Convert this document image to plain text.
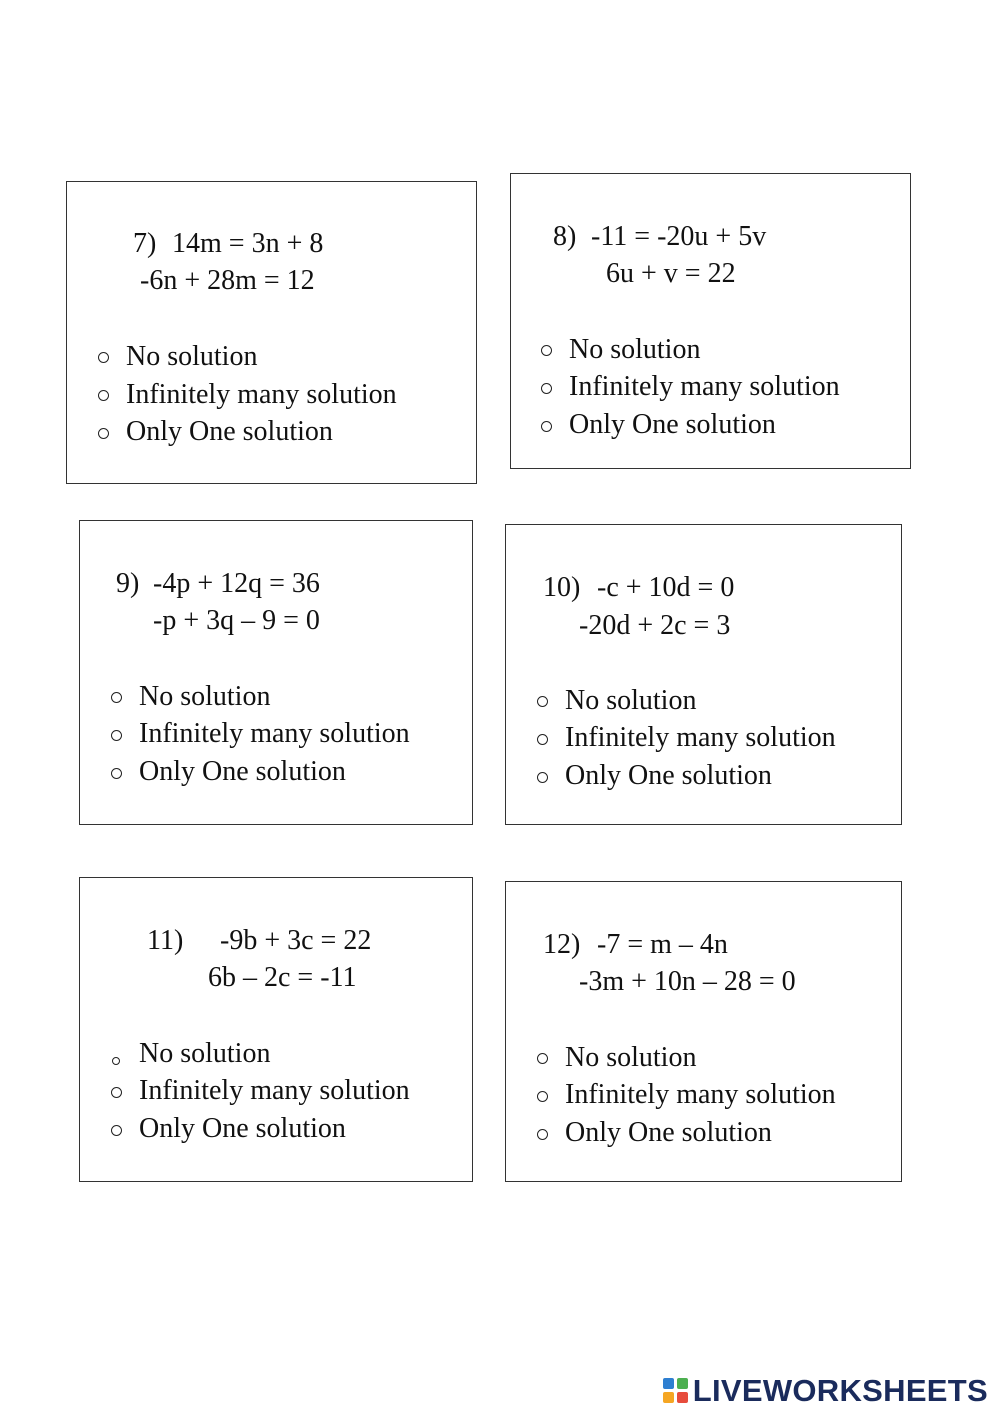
7) 14m = 3n + 8
-6n + 28m = 12
No solution
Infinitely many solution
Only One solution
8) -11 = -20u + 5v
6u + v = 22
No solution
Infinitely many solution
Only One solution
9) -4p + 12q = 36
-p + 3q – 9 = 0
No solution
Infinitely many solution
Only One solution
10) -c + 10d = 0
-20d + 2c = 3
No solution
Infinitely many solution
Only One solution
11) -9b + 3c = 22
6b – 2c = -11
No solution
Infinitely many solution
Only One solution
12) -7 = m – 4n
-3m + 10n – 28 = 0
No solution
Infinitely many solution
Only One solution
LIVEWORKSHEETS
